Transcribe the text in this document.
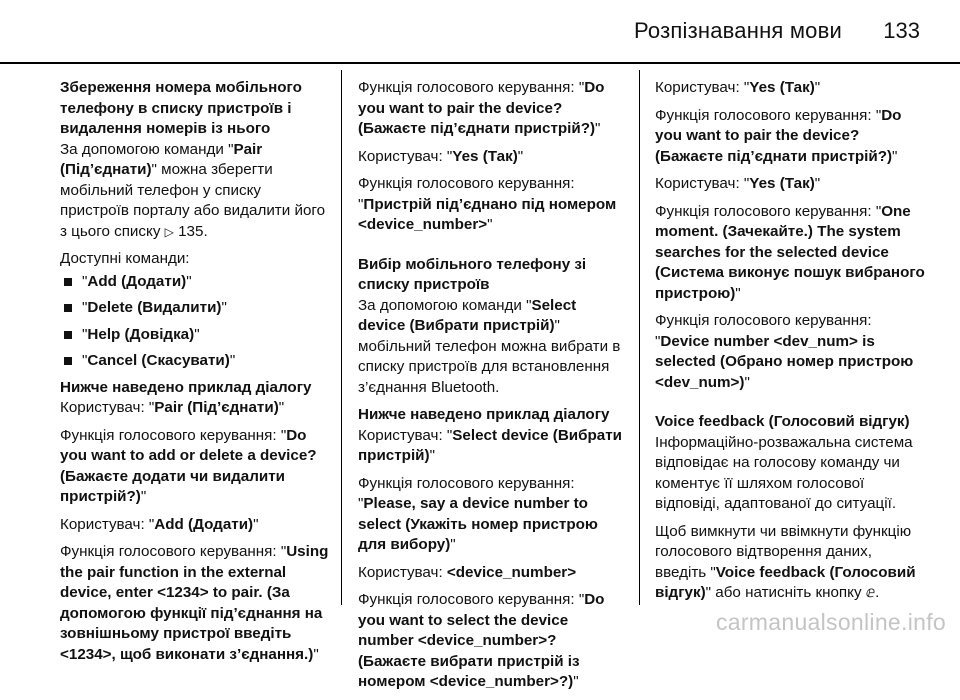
Розпізнавання мови 133
Збереження номера мобільного телефону в списку пристроїв і видалення номерів із нього

За допомогою команди "Pair (Під’єднати)" можна зберегти мобільний телефон у списку пристроїв порталу або видалити його з цього списку ▷ 135.

Доступні команди:

"Add (Додати)"
"Delete (Видалити)"
"Help (Довідка)"
"Cancel (Скасувати)"
Нижче наведено приклад діалогу

Користувач: "Pair (Під’єднати)"

Функція голосового керування: "Do you want to add or delete a device? (Бажаєте додати чи видалити пристрій?)"

Користувач: "Add (Додати)"

Функція голосового керування: "Using the pair function in the external device, enter <1234> to pair. (За допомогою функції під’єднання на зовнішньому пристрої введіть <1234>, щоб виконати з’єднання.)"

Функція голосового керування: "Do you want to pair the device? (Бажаєте під’єднати пристрій?)"

Користувач: "Yes (Так)"

Функція голосового керування: "Пристрій під’єднано під номером <device_number>"

Вибір мобільного телефону зі списку пристроїв

За допомогою команди "Select device (Вибрати пристрій)" мобільний телефон можна вибрати в списку пристроїв для встановлення з’єднання Bluetooth.

Нижче наведено приклад діалогу

Користувач: "Select device (Вибрати пристрій)"

Функція голосового керування: "Please, say a device number to select (Укажіть номер пристрою для вибору)"

Користувач: <device_number>

Функція голосового керування: "Do you want to select the device number <device_number>? (Бажаєте вибрати пристрій із номером <device_number>?)"

Користувач: "Yes (Так)"

Функція голосового керування: "Do you want to pair the device? (Бажаєте під’єднати пристрій?)"

Користувач: "Yes (Так)"

Функція голосового керування: "One moment. (Зачекайте.) The system searches for the selected device (Система виконує пошук вибраного пристрою)"

Функція голосового керування: "Device number <dev_num> is selected (Обрано номер пристрою <dev_num>)"

Voice feedback (Голосовий відгук)

Інформаційно-розважальна система відповідає на голосову команду чи коментує її шляхом голосової відповіді, адаптованої до ситуації.

Щоб вимкнути чи ввімкнути функцію голосового відтворення даних, введіть "Voice feedback (Голосовий відгук)" або натисніть кнопку ⅇ.

carmanualsonline.info
